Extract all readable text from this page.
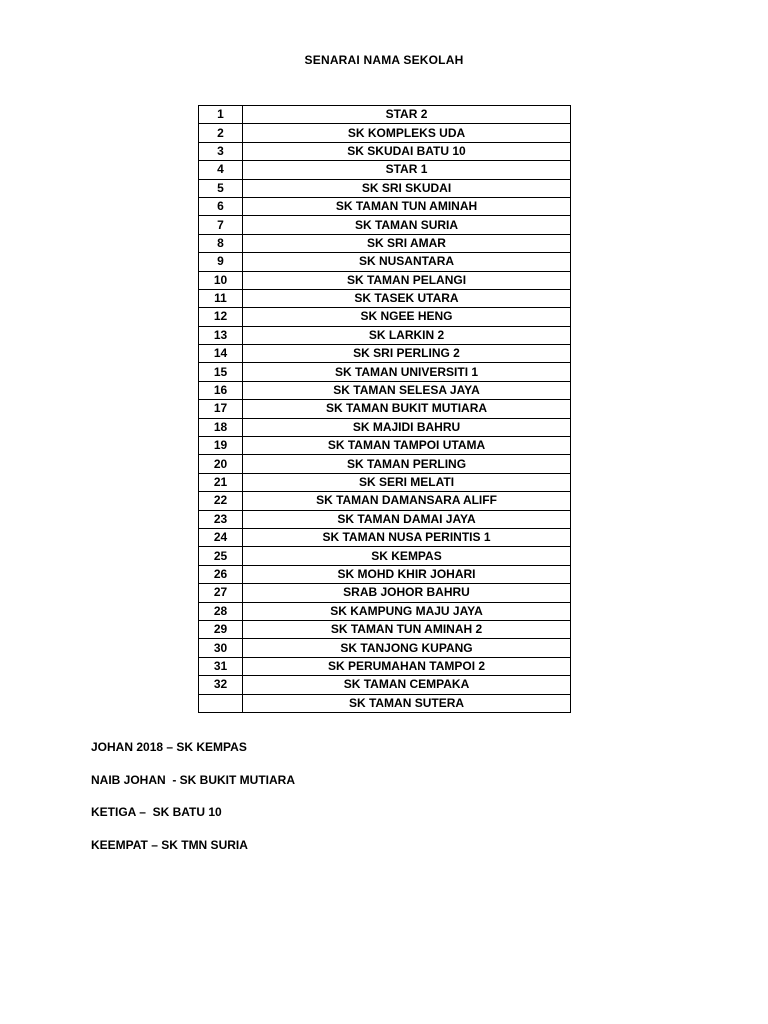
SENARAI NAMA SEKOLAH
1	STAR 2
2	SK KOMPLEKS UDA
3	SK SKUDAI BATU 10
4	STAR 1
5	SK SRI SKUDAI
6	SK TAMAN TUN AMINAH
7	SK TAMAN SURIA
8	SK SRI AMAR
9	SK NUSANTARA
10	SK TAMAN PELANGI
11	SK TASEK UTARA
12	SK NGEE HENG
13	SK LARKIN 2
14	SK SRI PERLING 2
15	SK TAMAN UNIVERSITI 1
16	SK TAMAN SELESA JAYA
17	SK TAMAN BUKIT MUTIARA
18	SK MAJIDI BAHRU
19	SK TAMAN TAMPOI UTAMA
20	SK TAMAN PERLING
21	SK SERI MELATI
22	SK TAMAN DAMANSARA ALIFF
23	SK TAMAN DAMAI JAYA
24	SK TAMAN NUSA PERINTIS 1
25	SK KEMPAS
26	SK MOHD KHIR JOHARI
27	SRAB JOHOR BAHRU
28	SK KAMPUNG MAJU JAYA
29	SK TAMAN TUN AMINAH 2
30	SK TANJONG KUPANG
31	SK PERUMAHAN TAMPOI 2
32	SK TAMAN CEMPAKA
	SK TAMAN SUTERA
JOHAN 2018 – SK KEMPAS
NAIB JOHAN  - SK BUKIT MUTIARA
KETIGA –  SK BATU 10
KEEMPAT – SK TMN SURIA
